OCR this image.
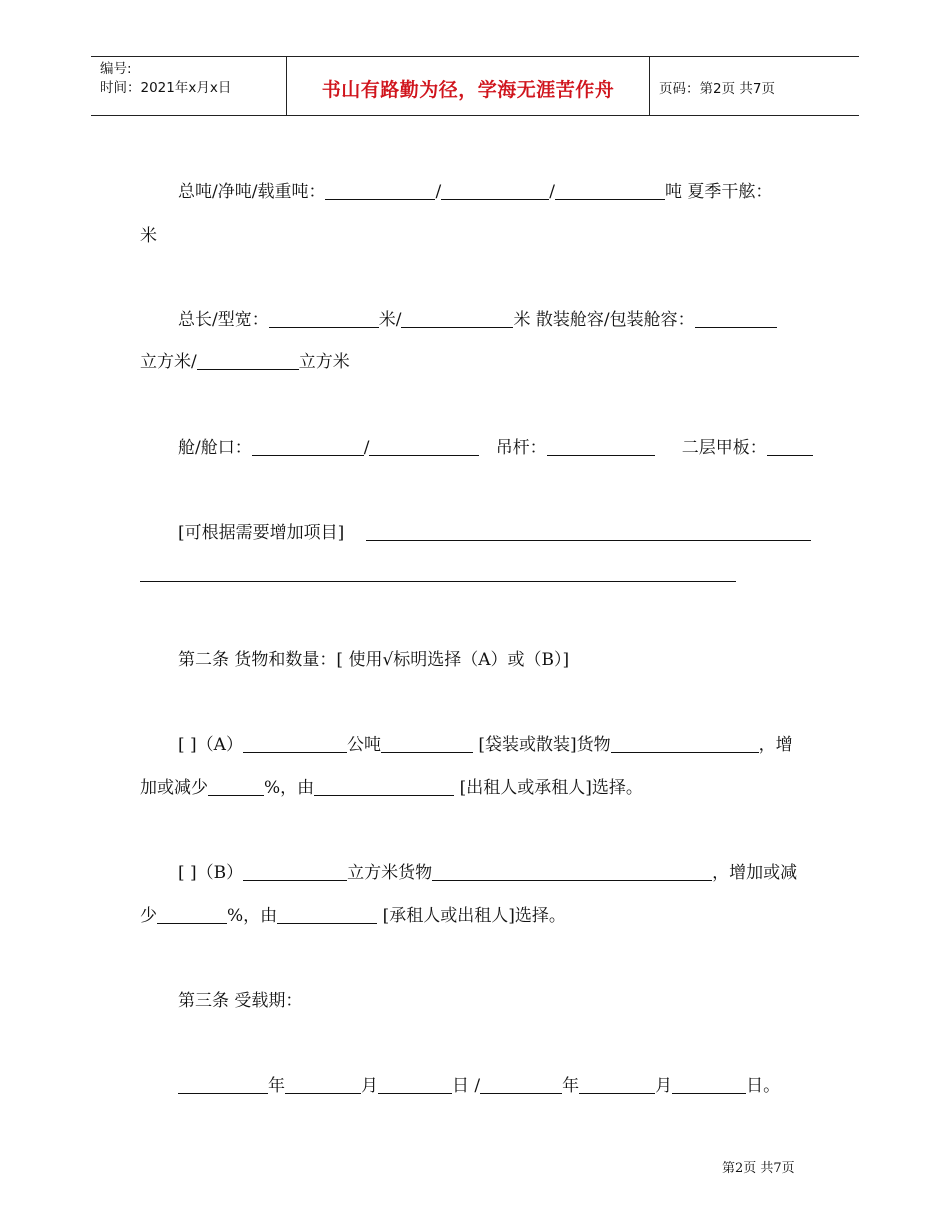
编号:
时间：2021年x月x日	书山有路勤为径，学海无涯苦作舟	页码：第2页 共7页
总吨/净吨/载重吨：	/	/	吨 夏季干舷：
米
总长/型宽：	米/	米 散装舱容/包装舱容：
立方米/	立方米
舱/舱口：	/	吊杆：	二层甲板：
[可根据需要增加项目]
第二条 货物和数量：[ 使用√标明选择（A）或（B）]
[ ]（A）	公吨	[袋装或散装]货物	，增
加或减少	%，由	[出租人或承租人]选择。
[ ]（B）	立方米货物	，增加或减
少	%，由	[承租人或出租人]选择。
第三条 受载期：
年	月	日 /	年	月	日。
第2页 共7页
